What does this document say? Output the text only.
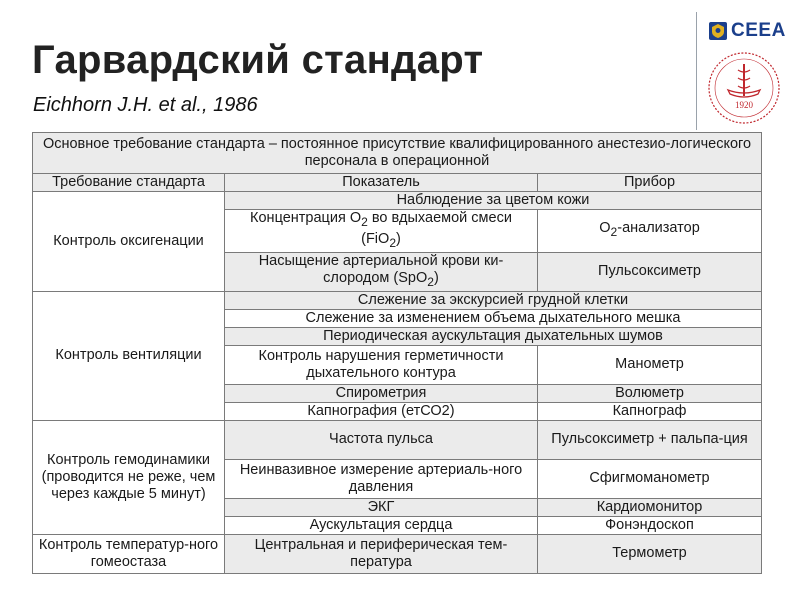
Гарвардский стандарт
Eichhorn J.H. et al., 1986
CEEA
1920
Основное требование стандарта – постоянное присутствие квалифицированного анестезио-логического персонала в операционной		
Требование стандарта	Показатель	Прибор
Контроль оксигенации	Наблюдение за цветом кожи	
	Концентрация $O_2$ во вдыхаемой смеси (FiO$_2$)	$O_2$-анализатор
	Насыщение артериальной крови ки-слородом (SpO$_2$)	Пульсоксиметр
Контроль вентиляции	Слежение за экскурсией грудной клетки	
	Слежение за изменением объема дыхательного мешка	
	Периодическая аускультация дыхательных шумов	
	Контроль нарушения герметичности дыхательного контура	Манометр
	Спирометрия	Волюметр
	Капнография (етСО2)	Капнограф
Контроль гемодинамики (проводится не реже, чем через каждые 5 минут)	Частота пульса	Пульсоксиметр + пальпа-ция
	Неинвазивное измерение артериаль-ного давления	Сфигмоманометр
	ЭКГ	Кардиомонитор
	Аускультация сердца	Фонэндоскоп
Контроль температур-ного гомеостаза	Центральная и периферическая тем-пература	Термометр
